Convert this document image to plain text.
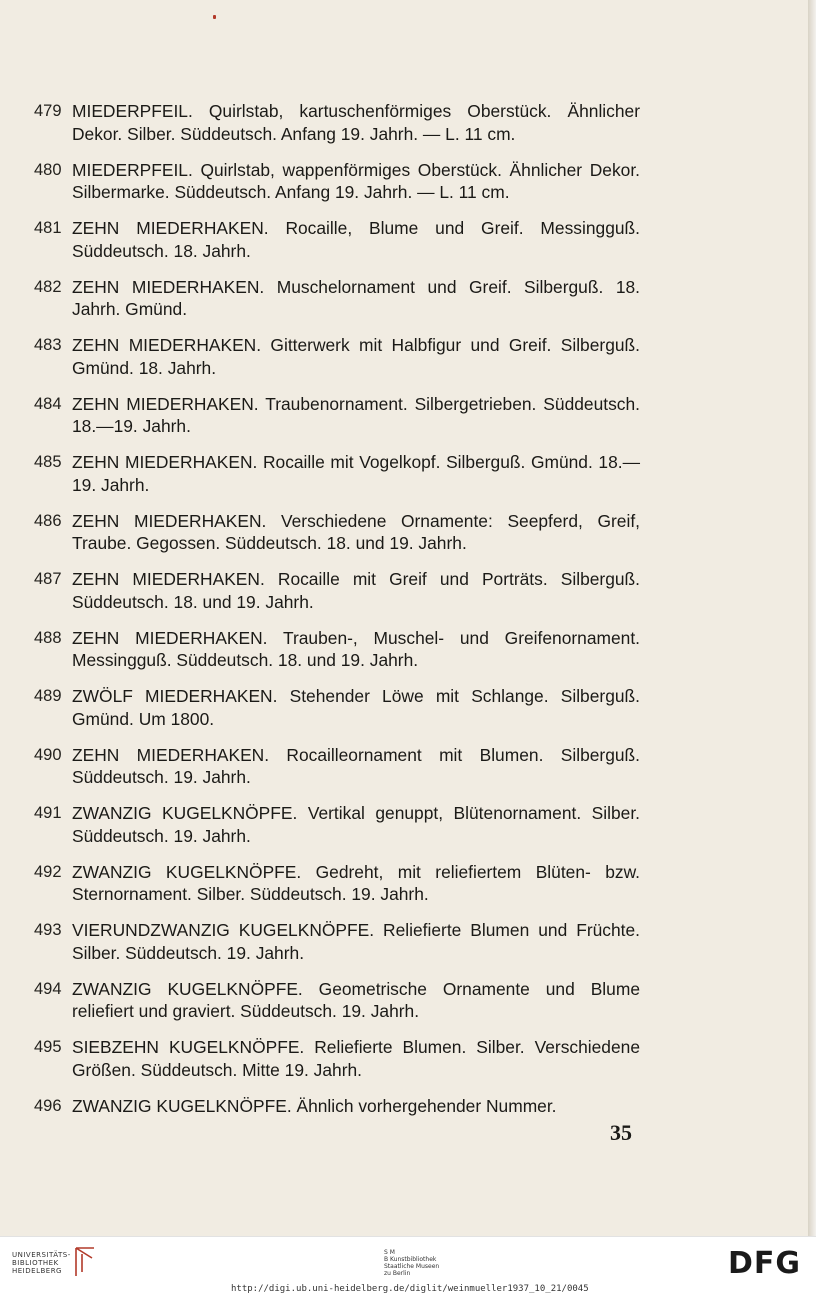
479 MIEDERPFEIL. Quirlstab, kartuschenförmiges Oberstück. Ähnlicher Dekor. Silber. Süddeutsch. Anfang 19. Jahrh. — L. 11 cm.
480 MIEDERPFEIL. Quirlstab, wappenförmiges Oberstück. Ähnlicher Dekor. Silbermarke. Süddeutsch. Anfang 19. Jahrh. — L. 11 cm.
481 ZEHN MIEDERHAKEN. Rocaille, Blume und Greif. Messingguß. Süddeutsch. 18. Jahrh.
482 ZEHN MIEDERHAKEN. Muschelornament und Greif. Silberguß. 18. Jahrh. Gmünd.
483 ZEHN MIEDERHAKEN. Gitterwerk mit Halbfigur und Greif. Silberguß. Gmünd. 18. Jahrh.
484 ZEHN MIEDERHAKEN. Traubenornament. Silbergetrieben. Süddeutsch. 18.—19. Jahrh.
485 ZEHN MIEDERHAKEN. Rocaille mit Vogelkopf. Silberguß. Gmünd. 18.—19. Jahrh.
486 ZEHN MIEDERHAKEN. Verschiedene Ornamente: Seepferd, Greif, Traube. Gegossen. Süddeutsch. 18. und 19. Jahrh.
487 ZEHN MIEDERHAKEN. Rocaille mit Greif und Porträts. Silberguß. Süddeutsch. 18. und 19. Jahrh.
488 ZEHN MIEDERHAKEN. Trauben-, Muschel- und Greifenornament. Messingguß. Süddeutsch. 18. und 19. Jahrh.
489 ZWÖLF MIEDERHAKEN. Stehender Löwe mit Schlange. Silberguß. Gmünd. Um 1800.
490 ZEHN MIEDERHAKEN. Rocailleornament mit Blumen. Silberguß. Süddeutsch. 19. Jahrh.
491 ZWANZIG KUGELKNÖPFE. Vertikal genuppt, Blütenornament. Silber. Süddeutsch. 19. Jahrh.
492 ZWANZIG KUGELKNÖPFE. Gedreht, mit reliefiertem Blüten- bzw. Sternornament. Silber. Süddeutsch. 19. Jahrh.
493 VIERUNDZWANZIG KUGELKNÖPFE. Reliefierte Blumen und Früchte. Silber. Süddeutsch. 19. Jahrh.
494 ZWANZIG KUGELKNÖPFE. Geometrische Ornamente und Blume reliefiert und graviert. Süddeutsch. 19. Jahrh.
495 SIEBZEHN KUGELKNÖPFE. Reliefierte Blumen. Silber. Verschiedene Größen. Süddeutsch. Mitte 19. Jahrh.
496 ZWANZIG KUGELKNÖPFE. Ähnlich vorhergehender Nummer.
35
UNIVERSITÄTS-
BIBLIOTHEK
HEIDELBERG
S M
B Kunstbibliothek
Staatliche Museen
zu Berlin	DFG
http://digi.ub.uni-heidelberg.de/diglit/weinmueller1937_10_21/0045
